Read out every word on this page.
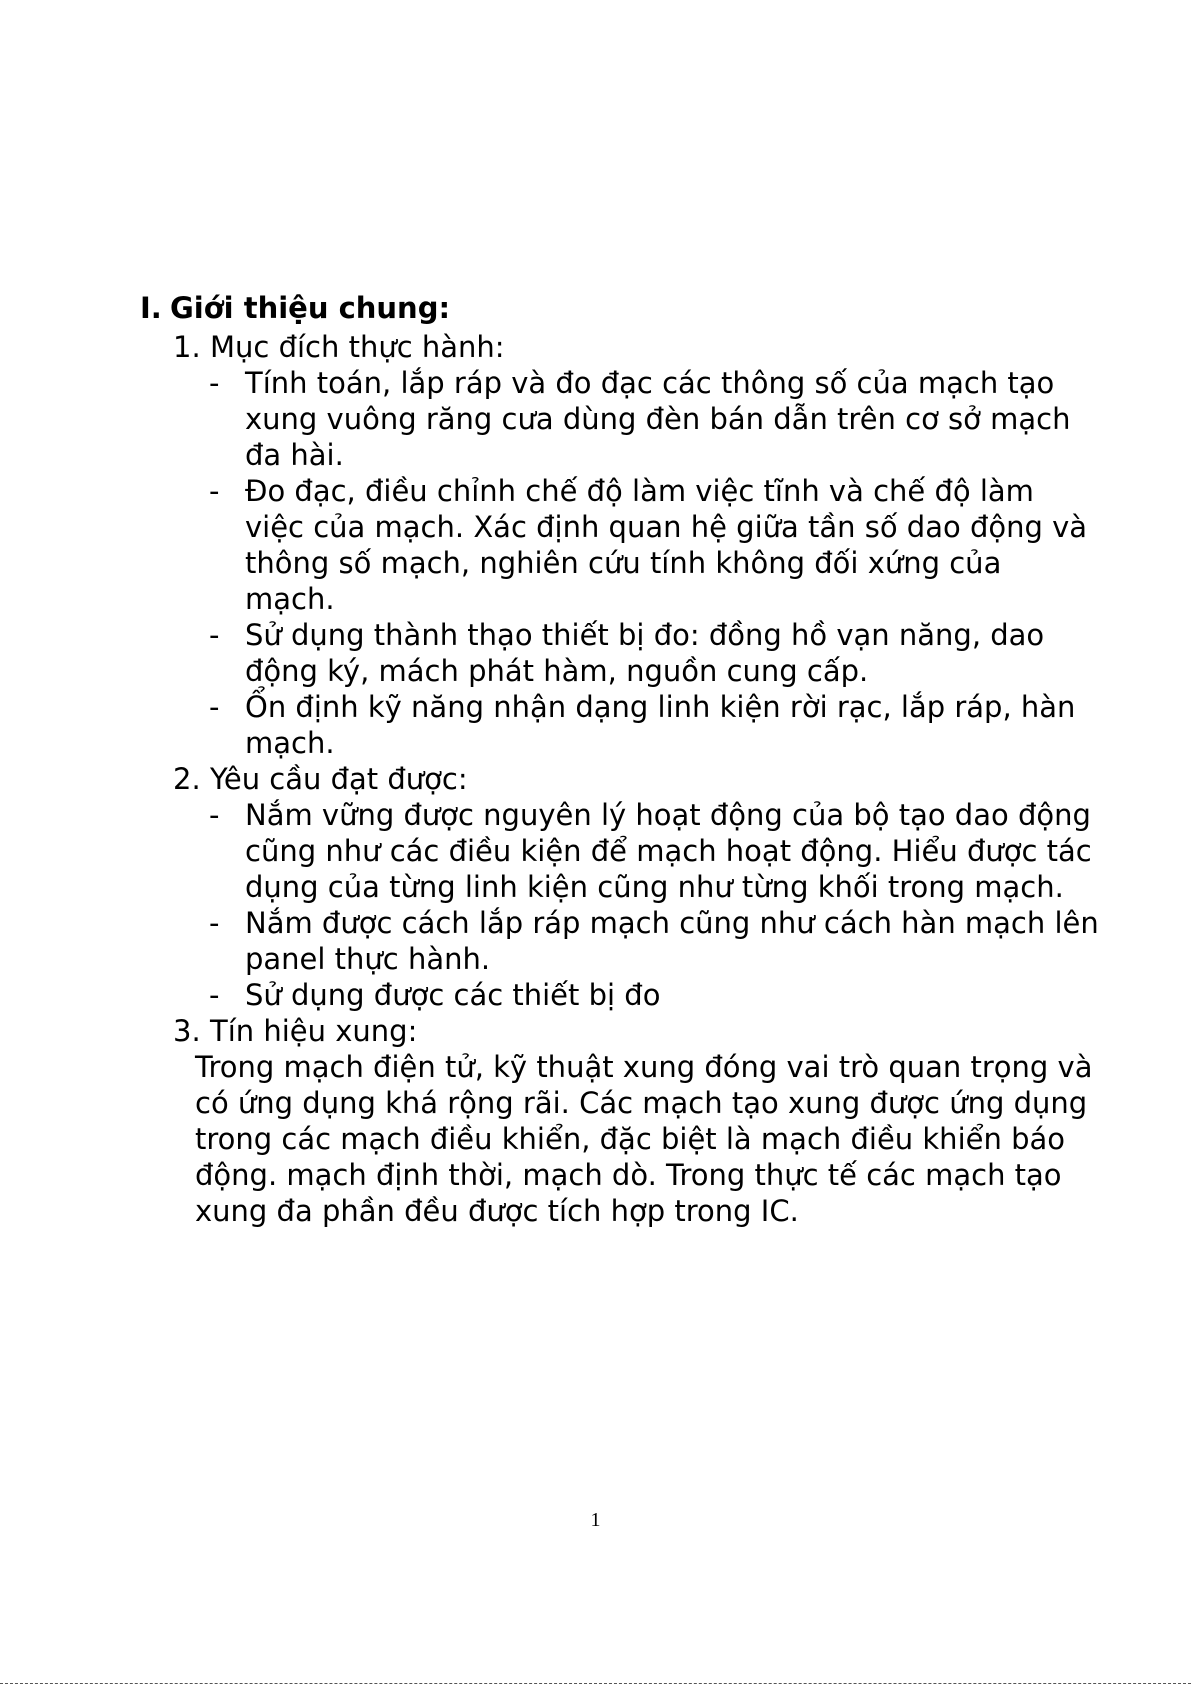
I. Giới thiệu chung:
1. Mục đích thực hành:
- Tính toán, lắp ráp và đo đạc các thông số của mạch tạo xung vuông răng cưa dùng đèn bán dẫn trên cơ sở mạch đa hài.
- Đo đạc, điều chỉnh chế độ làm việc tĩnh và chế độ làm việc của mạch. Xác định quan hệ giữa tần số dao động và thông số mạch, nghiên cứu tính không đối xứng của mạch.
- Sử dụng thành thạo thiết bị đo: đồng hồ vạn năng, dao động ký, mách phát hàm, nguồn cung cấp.
- Ổn định kỹ năng nhận dạng linh kiện rời rạc, lắp ráp, hàn mạch.
2. Yêu cầu đạt được:
- Nắm vững được nguyên lý hoạt động của bộ tạo dao động cũng như các điều kiện để mạch hoạt động. Hiểu được tác dụng của từng linh kiện cũng như từng khối trong mạch.
- Nắm được cách lắp ráp mạch cũng như cách hàn mạch lên panel thực hành.
- Sử dụng được các thiết bị đo
3. Tín hiệu xung:
Trong mạch điện tử, kỹ thuật xung đóng vai trò quan trọng và có ứng dụng khá rộng rãi. Các mạch tạo xung được ứng dụng trong các mạch điều khiển, đặc biệt là mạch điều khiển báo động. mạch định thời, mạch dò. Trong thực tế các mạch tạo xung đa phần đều được tích hợp trong IC.
1
